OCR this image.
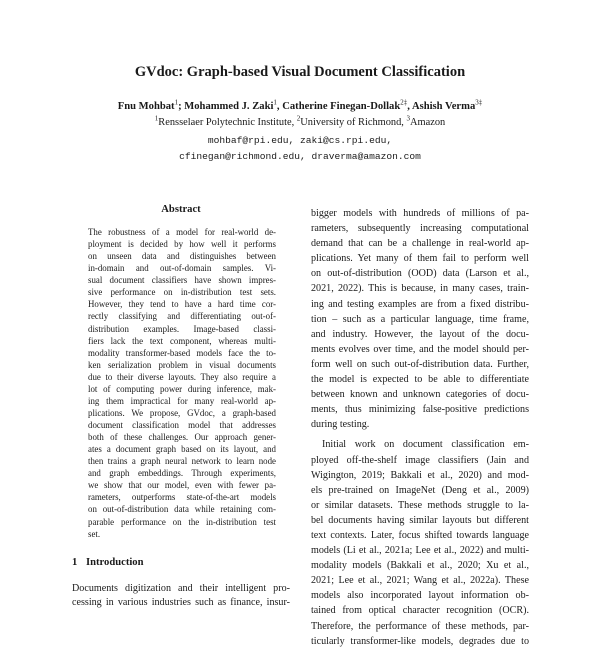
GVdoc: Graph-based Visual Document Classification
Fnu Mohbat$^1$; Mohammed J. Zaki$^1$, Catherine Finegan-Dollak$^{2\ddagger}$, Ashish Verma$^{3\ddagger}$
$^1$Rensselaer Polytechnic Institute, $^2$University of Richmond, $^3$Amazon
mohbaf@rpi.edu, zaki@cs.rpi.edu,
cfinegan@richmond.edu, draverma@amazon.com
Abstract
The robustness of a model for real-world de-
ployment is decided by how well it performs
on unseen data and distinguishes between
in-domain and out-of-domain samples. Vi-
sual document classifiers have shown impres-
sive performance on in-distribution test sets.
However, they tend to have a hard time cor-
rectly classifying and differentiating out-of-
distribution examples. Image-based classi-
fiers lack the text component, whereas multi-
modality transformer-based models face the to-
ken serialization problem in visual documents
due to their diverse layouts. They also require a
lot of computing power during inference, mak-
ing them impractical for many real-world ap-
plications. We propose, GVdoc, a graph-based
document classification model that addresses
both of these challenges. Our approach gener-
ates a document graph based on its layout, and
then trains a graph neural network to learn node
and graph embeddings. Through experiments,
we show that our model, even with fewer pa-
rameters, outperforms state-of-the-art models
on out-of-distribution data while retaining com-
parable performance on the in-distribution test
set.
1 Introduction
Documents digitization and their intelligent pro-
cessing in various industries such as finance, insur-
bigger models with hundreds of millions of pa-
rameters, subsequently increasing computational
demand that can be a challenge in real-world ap-
plications. Yet many of them fail to perform well
on out-of-distribution (OOD) data (Larson et al.,
2021, 2022). This is because, in many cases, train-
ing and testing examples are from a fixed distribu-
tion – such as a particular language, time frame,
and industry. However, the layout of the docu-
ments evolves over time, and the model should per-
form well on such out-of-distribution data. Further,
the model is expected to be able to differentiate
between known and unknown categories of docu-
ments, thus minimizing false-positive predictions
during testing.
Initial work on document classification em-
ployed off-the-shelf image classifiers (Jain and
Wigington, 2019; Bakkali et al., 2020) and mod-
els pre-trained on ImageNet (Deng et al., 2009)
or similar datasets. These methods struggle to la-
bel documents having similar layouts but different
text contexts. Later, focus shifted towards language
models (Li et al., 2021a; Lee et al., 2022) and multi-
modality models (Bakkali et al., 2020; Xu et al.,
2021; Lee et al., 2021; Wang et al., 2022a). These
models also incorporated layout information ob-
tained from optical character recognition (OCR).
Therefore, the performance of these methods, par-
ticularly transformer-like models, degrades due to
